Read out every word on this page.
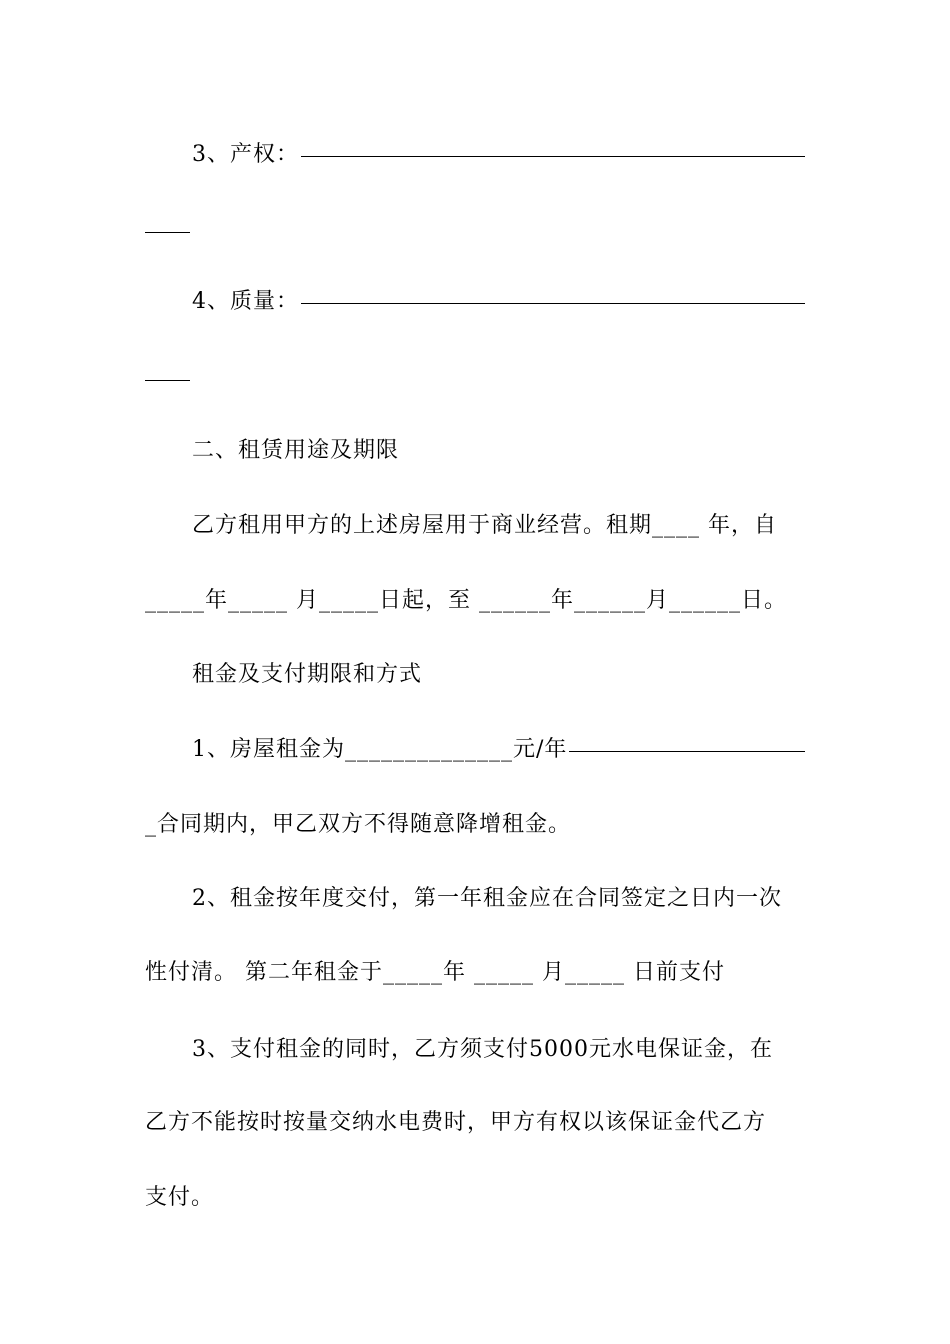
3、产权：
4、质量：
二、租赁用途及期限
乙方租用甲方的上述房屋用于商业经营。租期____ 年，自
_____年_____ 月_____日起，至 ______年______月______日。
租金及支付期限和方式
1、房屋租金为______________元/年
_合同期内，甲乙双方不得随意降增租金。
2、租金按年度交付，第一年租金应在合同签定之日内一次
性付清。 第二年租金于_____年 _____ 月_____ 日前支付
3、支付租金的同时，乙方须支付5000元水电保证金，在
乙方不能按时按量交纳水电费时，甲方有权以该保证金代乙方
支付。
